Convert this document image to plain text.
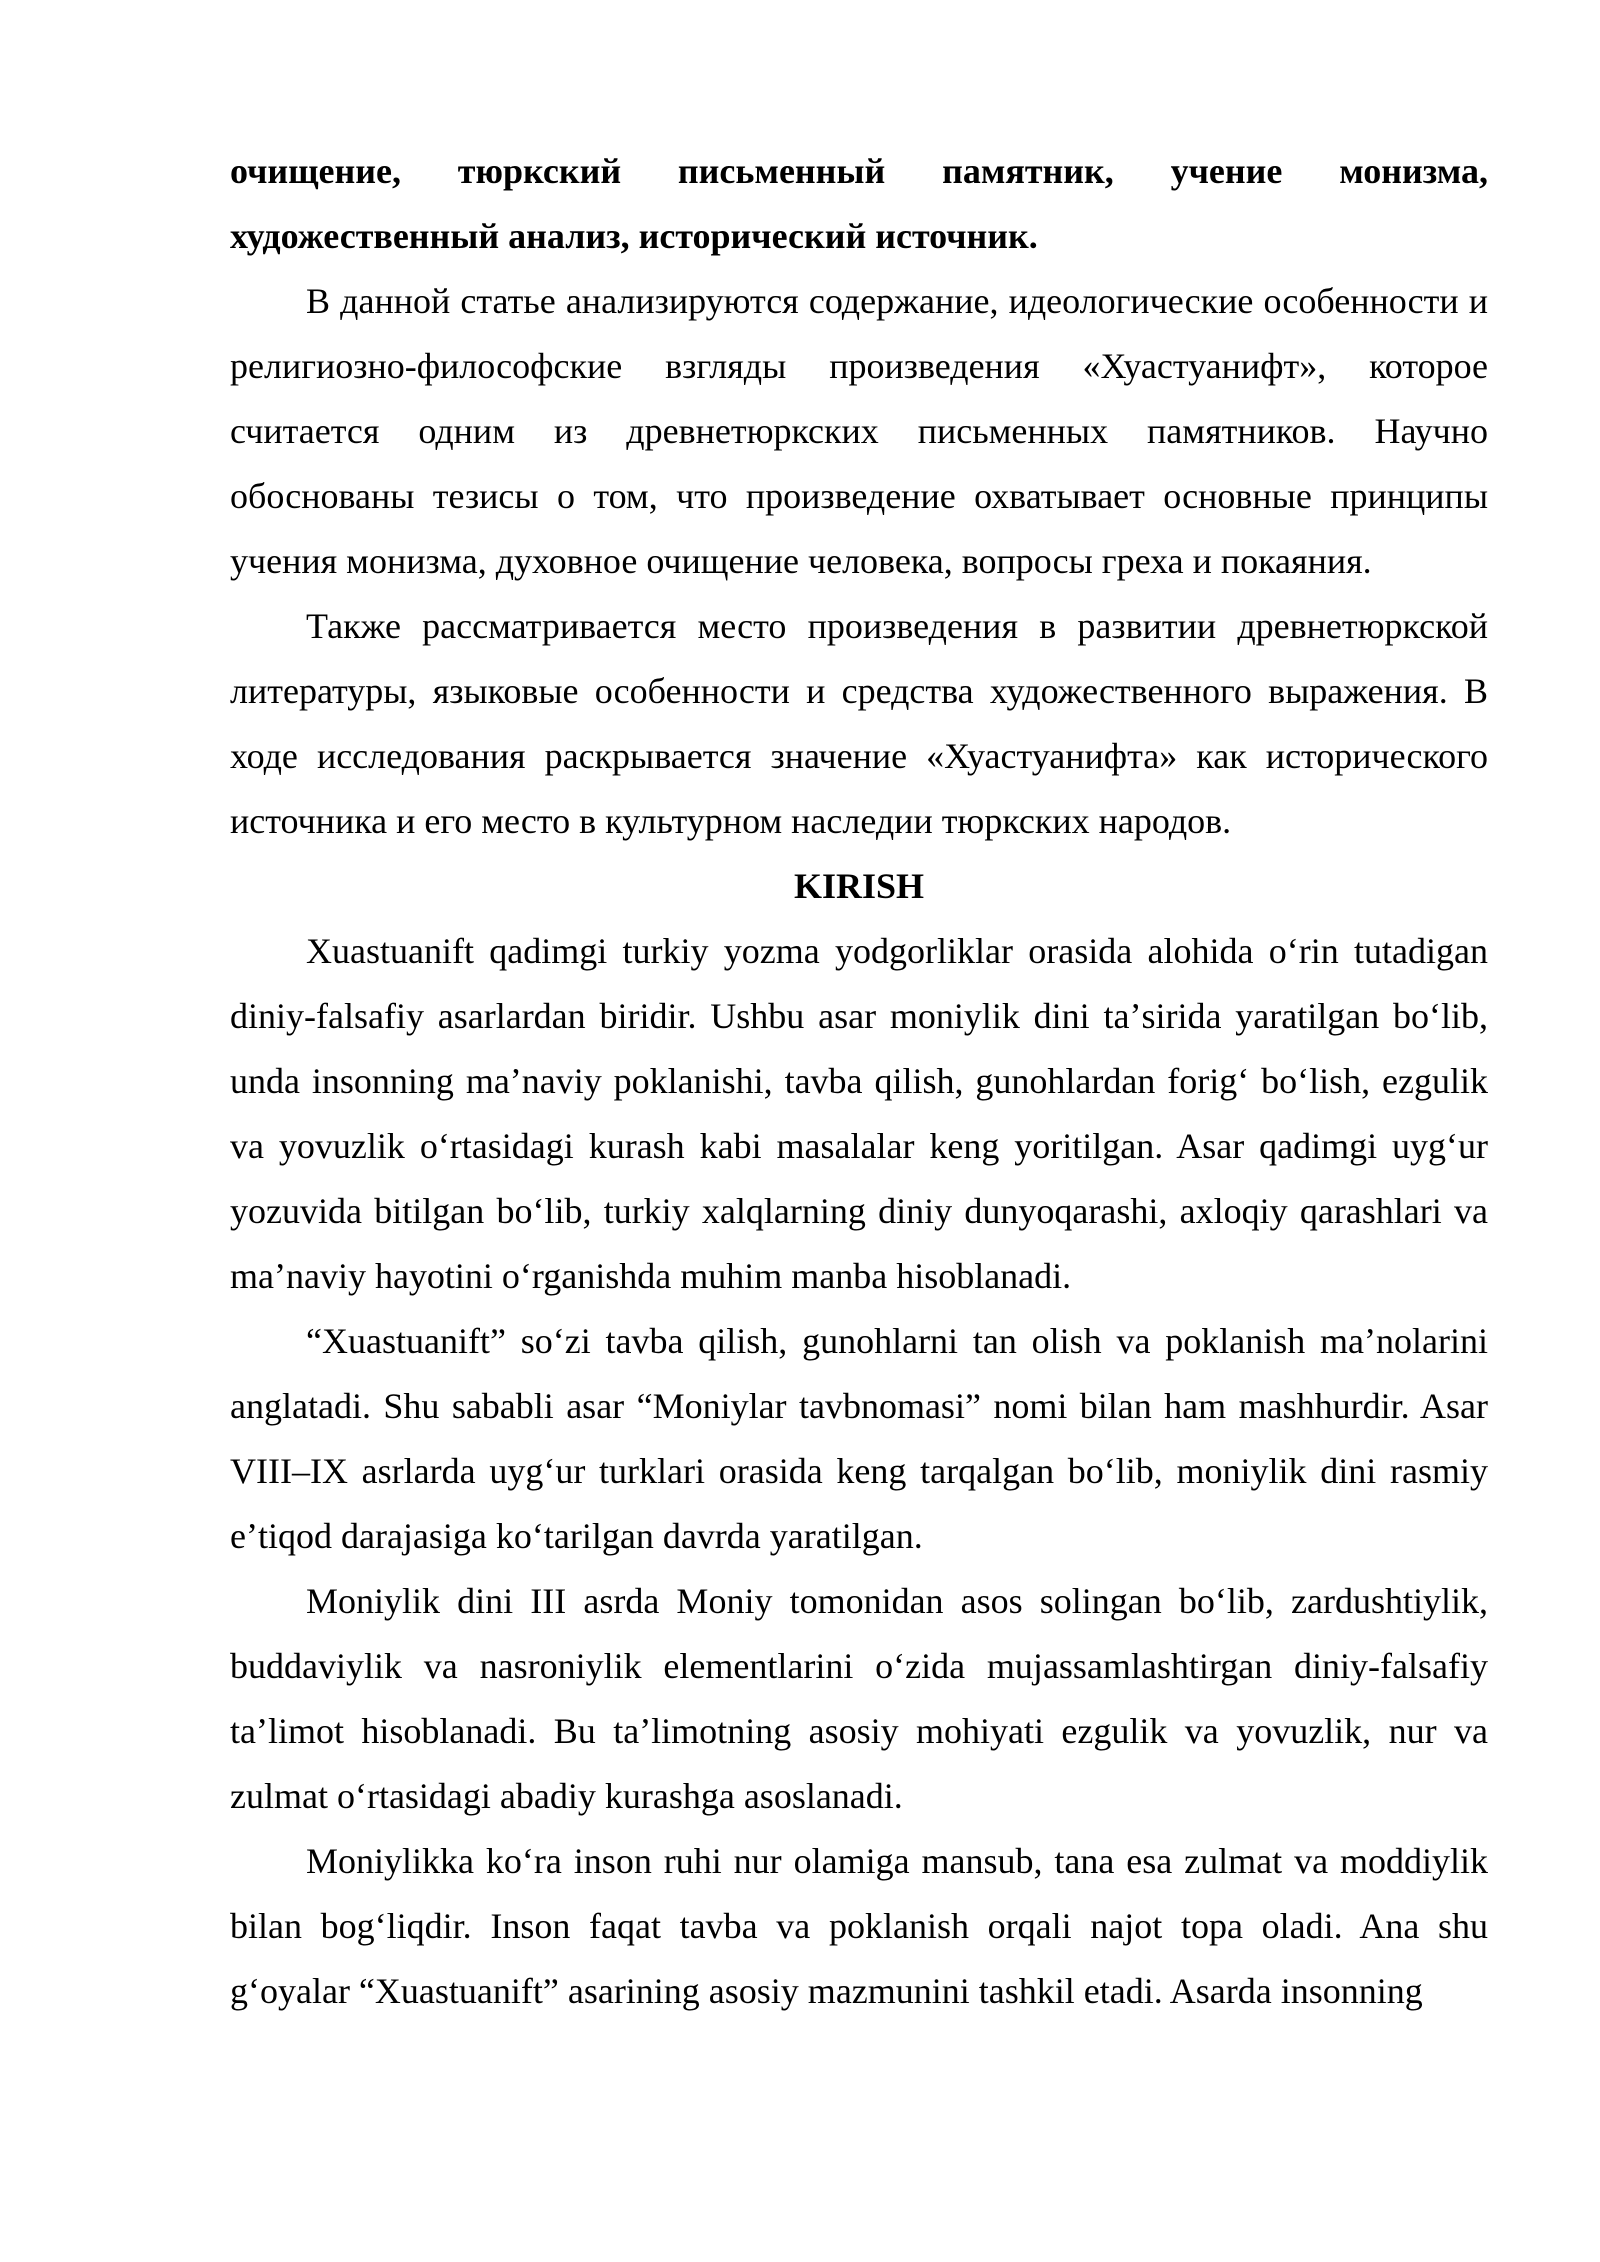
очищение, тюркский письменный памятник, учение монизма, художественный анализ, исторический источник.

В данной статье анализируются содержание, идеологические особенности и религиозно-философские взгляды произведения «Хуастуанифт», которое считается одним из древнетюркских письменных памятников. Научно обоснованы тезисы о том, что произведение охватывает основные принципы учения монизма, духовное очищение человека, вопросы греха и покаяния.

Также рассматривается место произведения в развитии древнетюркской литературы, языковые особенности и средства художественного выражения. В ходе исследования раскрывается значение «Хуастуанифта» как исторического источника и его место в культурном наследии тюркских народов.

KIRISH

Xuastuanift qadimgi turkiy yozma yodgorliklar orasida alohida oʻrin tutadigan diniy-falsafiy asarlardan biridir. Ushbu asar moniylik dini taʼsirida yaratilgan boʻlib, unda insonning maʼnaviy poklanishi, tavba qilish, gunohlardan forigʻ boʻlish, ezgulik va yovuzlik oʻrtasidagi kurash kabi masalalar keng yoritilgan. Asar qadimgi uygʻur yozuvida bitilgan boʻlib, turkiy xalqlarning diniy dunyoqarashi, axloqiy qarashlari va maʼnaviy hayotini oʻrganishda muhim manba hisoblanadi.

“Xuastuanift” soʻzi tavba qilish, gunohlarni tan olish va poklanish maʼnolarini anglatadi. Shu sababli asar “Moniylar tavbnomasi” nomi bilan ham mashhurdir. Asar VIII–IX asrlarda uygʻur turklari orasida keng tarqalgan boʻlib, moniylik dini rasmiy eʼtiqod darajasiga koʻtarilgan davrda yaratilgan.

Moniylik dini III asrda Moniy tomonidan asos solingan boʻlib, zardushtiylik, buddaviylik va nasroniylik elementlarini oʻzida mujassamlashtirgan diniy-falsafiy taʼlimot hisoblanadi. Bu taʼlimotning asosiy mohiyati ezgulik va yovuzlik, nur va zulmat oʻrtasidagi abadiy kurashga asoslanadi.

Moniylikka koʻra inson ruhi nur olamiga mansub, tana esa zulmat va moddiylik bilan bogʻliqdir. Inson faqat tavba va poklanish orqali najot topa oladi. Ana shu gʻoyalar “Xuastuanift” asarining asosiy mazmunini tashkil etadi. Asarda insonning
